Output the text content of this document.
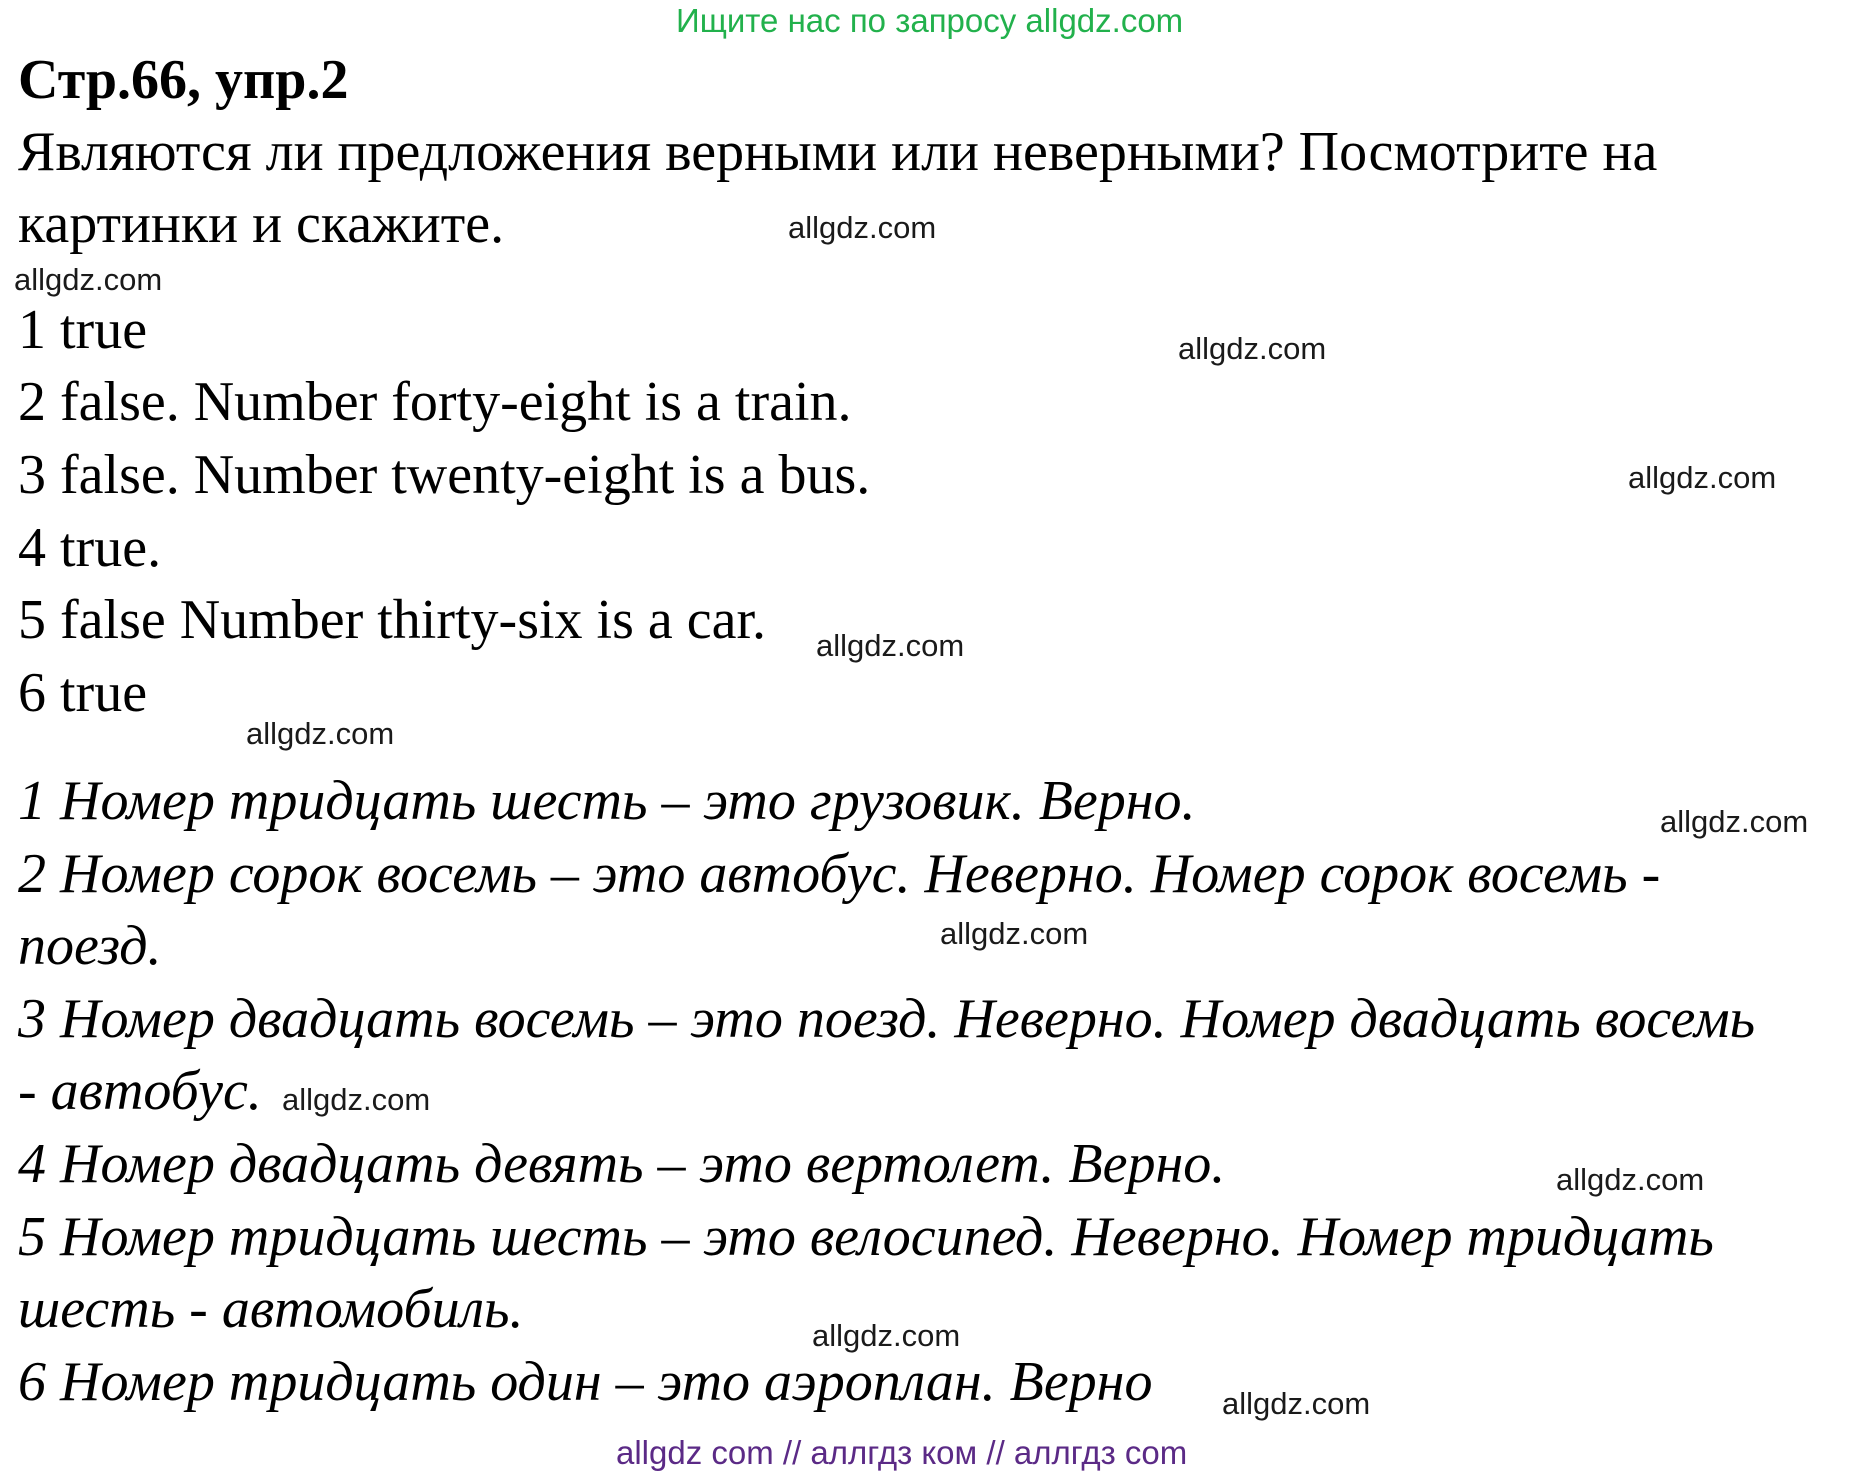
Ищите нас по запросу allgdz.com
Стр.66, упр.2
Являются ли предложения верными или неверными? Посмотрите на
картинки и скажите.
1 true
2 false. Number forty-eight is a train.
3 false. Number twenty-eight is a bus.
4 true.
5 false Number thirty-six is a car.
6 true
1 Номер тридцать шесть – это грузовик. Верно.
2 Номер сорок восемь – это автобус. Неверно. Номер сорок восемь -
поезд.
3 Номер двадцать восемь – это поезд. Неверно. Номер двадцать восемь
- автобус.
4 Номер двадцать девять – это вертолет. Верно.
5 Номер тридцать шесть – это велосипед. Неверно. Номер тридцать
шесть - автомобиль.
6 Номер тридцать один – это аэроплан. Верно
allgdz.com
allgdz.com
allgdz.com
allgdz.com
allgdz.com
allgdz.com
allgdz.com
allgdz.com
allgdz.com
allgdz.com
allgdz.com
allgdz.com
allgdz com // аллгдз ком // аллгдз com
